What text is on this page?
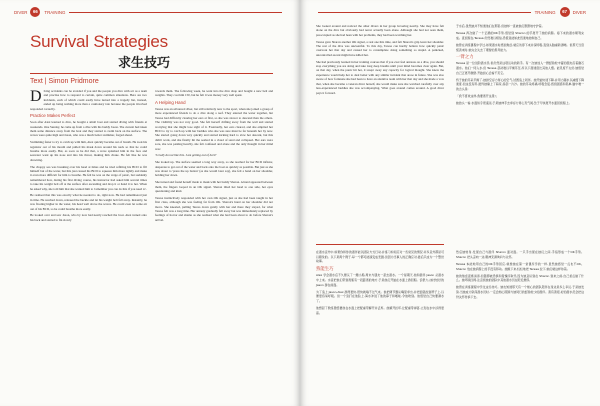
DIVER	66	TRAINING
Survival Strategies
求生技巧
Text | Simon Pridmore

Diving accidents can be avoided if you and the people you dive with act as a team and practise how to respond to certain, quite common situations. Here are two incidents, each of which could easily have turned into a tragedy but, instead, ended up being nothing more than a cautionary tale because the people involved responded correctly.

Practice Makes Perfect

Soon after Alex learned to dive, he bought a small boat and started diving with friends at weekends. One Sunday, he came up from a dive with his buddy Jason. The current had taken them some distance away from the boat and they started to swim back on the surface. The waves were quite high and Jason, who was a much better swimmer, forged ahead.

Swimming faster to try to catch up with him, Alex quickly became out of breath. He took his regulator out of his mouth and pulled his mask down around his neck so that he could breathe more easily. But, as soon as he did that, a wave splashed him in the face and seawater went up his nose and into his throat, making him choke. He felt like he was drowning.

The choppy sea was breaking over his head at times and he tried refitting his BCD to fill himself but of the water, but this just caused his BCD to squeeze him more tightly and make it even more difficult for him to breathe. He felt he was on the verge of panic, but suddenly remembered how, during his first diving course, his instructor had asked him several times to take his weight belt off at the surface after ascending and drop it or hand it to her. When he asked why, she told him that she wanted him to 'remember you can do this if you need to'.

He realised that this was exactly what he needed to do, right now. He had remembered just in time. He reached down, released the buckle and let his weight belt fall away. Instantly, he was floating higher in the water, his head well above the waves. He could even let some air out of his BCD, so he could breathe more easily.

He looked over and saw Jason, who by now had nearly reached the boat. Alex turned onto his back and started to fin slowly

towards them. The following week, he went into the dive shop and bought a new belt and weights. They cost him 150, but he felt it was money very well spent.

A Helping Hand

Teresa was an advanced diver, but still relatively new to the sport, when she joined a group of more experienced friends to do a dive along a reef. They entered the water together, but Teresa had difficulty clearing her ears at first, so she was slower to descend than the others. The visibility was not very good. She felt herself drifting away from the wall and started worrying that she might lose sight of it. Eventually, her ears cleared, and she emptied her BCD to try to catch up with her buddies who she was sure must be far beneath her by now. She started going down very quickly and started kicking hard to slow her descent, but this didn't work, and she finally hit the seabed in a cloud of sand and collapsed. Her ears were sore, she was panting heavily, she felt confused and alone and the only thought in her mind was:

'I really do not like this. I am getting out of here!'

She looked up. The surface seemed a long way away, so she reached for her BCD inflator, desperate to get out of the water and back onto the boat as quickly as possible. But just as she was about to 'press the up button' (as she would later say), she felt a hand on her shoulder, holding her down.

She turned and found herself made to mask with her buddy Sharon. A hand appeared between them, the fingers looped in an OK signal. Sharon tilted her head to one side, her eyes questioning and kind.

Teresa instinctively responded with her own OK signal, just as she had been taught in her first class, although she was feeling far from OK. Sharon's hand on her shoulder did not move. She kneeled, pulling Teresa down gently with her and there they stayed, for what Teresa felt was a long time. Her anxiety gradually fell away but was immediately replaced by feelings of horror and shame as she realised what she had been about to do before Sharon's arrival.

TRAINING	67	DIVER

She looked around and noticed the other divers in her group hovering nearby. She may have felt alone on the dive but obviously had never actually been alone. Although she had not seen them, preoccupied as she had been with her problems, they had been watching her.

Teresa gave Sharon another OK signal, a real one this time, and felt Sharon's grip leave her shoulder. The rest of the dive was uneventful. To this day, Teresa can hardly believe how quickly panic overtook her that day and caused her to contemplate doing something so stupid. A panicked, uncontrolled ascent might have killed her.

She had previously learned in her training courses that if you ever feel anxious on a dive, you should stop everything you are doing and take long deep breaths until your mind becomes clear again. But, on that day, when the panic hit her, it swept away any capacity for logical thought. She knew the experience would help her to deal better with any similar incident that arose in future. She was also aware of how fortunate she had been to have an attentive team with her that day and she made a vow that, when she became a veteran diver herself, she would make sure she watched carefully over any less-experienced buddies she was accompanying. What goes around comes around. A good diver pays it forward.

于水后,虽然她并不知道他们在那里,但她却一直被他们默默地守护着。

Teresa 再次做了一个正确的OK手势,感觉到 Sharon 的手离开了她的肩膀。接下来的潜水顺利完成。直到现在,Teresa 仍然难以相信,恐慌竟能如此迅速地控制自己。

她曾在训练课程中学过,如果潜水时感到焦虑,就应该停下来并深呼吸,直到头脑重新清晰。但那天当恐慌袭来时,她完全失去了理智的思考能力。

一臂之力

Teresa 是一位进阶潜水员,但仍然是这项运动的新手。有一次她加入一群经验较丰富的朋友沿着礁石潜水。他们一同入水,但 Teresa 起初难以平衡耳压,所以下潜速度比其他人慢。能见度不太好,她感觉自己正离开礁壁,开始担心会看不见它。

终于她的耳朵平衡了,她排空浮力背心的空气,试图追上同伴。她开始快速下降,并用力踢水以减慢下降速度,但这没有用,最终她撞上了海床,扬起一片沙。她的耳朵疼痛,呼吸急促,感到困惑和孤单,脑中唯一的念头是:

「我不喜欢这样,我要离开这里!」

她抬头一看,水面似乎很遥远,于是她伸手去拿浮力背心充气阀,急于尽快离开水面回到船上。

在潜水意外中,如果你和你的潜伴能以团队方式行动,并练习如何应对一些常见的情况,许多意外都是可以避免的。以下是两个例子,每一个都可能演变成悲剧,但因为当事人的正确应对,最后只成为一个警世故事。

熟能生巧

Alex 学会潜水后不久便买了一艘小船,周末与朋友一起去潜水。一个星期天,他和潜伴 Jason 从潜水中上来。水流把他们带到离船有一段距离的地方,于是他们开始在水面上游回船。浪很大,泳技较好的 Jason 游在前面。

为了追上 Jason,Alex 游得更快,很快就喘不过气来。他把调节器从嘴里拿出,并把面镜拉到脖子上,以便更容易呼吸。但一个浪打在他脸上,海水冲进了他的鼻子和喉咙,令他呛到。他感觉自己快要溺水了。

他想起了教练曾经要他在水面上把配重带解开并丢弃。他解开扣环,让配重带掉落,立刻在水中浮得更高。

然后她转身,发现自己与潜伴 Sharon 面对面。一只手出现在她们之间,手指形成一个OK手势。Sharon 把头歪向一边,眼神充满询问与关怀。

Teresa 本能地用自己的OK手势回应,就像她在第一堂课所学的一样,虽然她感觉一点也不OK。Sharon 放在她肩膀上的手没有移动。她跪下来,轻轻地把 Teresa 拉下,她们就这样待着。

她的焦虑逐渐消退,但随即被恐惧和羞愧所取代,因为她意识到在 Sharon 到来之前,自己差点做了什么。她环顾四周,注意到她的团队中其他潜水员在附近悬停。

她曾在训练课程中学过这些技巧。她也知道那天有一个细心的团队陪伴在身边是多么幸运,于是她发誓,当她成为资深潜水员时,一定会细心照顾与她同行的经验较少的潜伴。善有善报,好的潜水员会把这份关怀传承下去。
